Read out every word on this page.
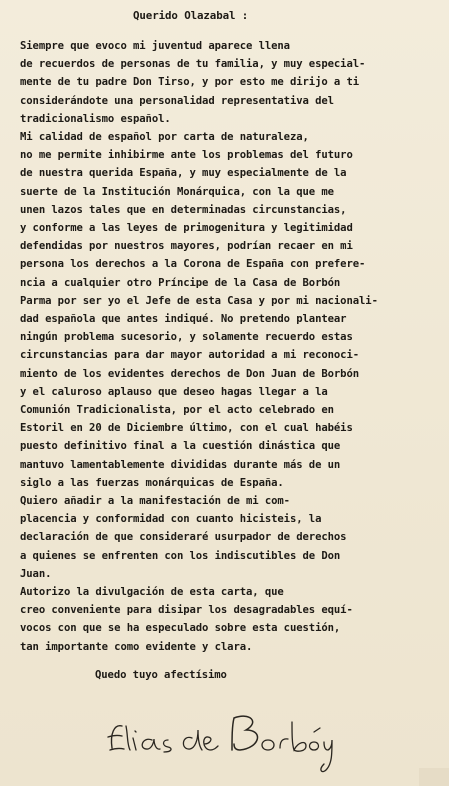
Querido Olazabal :
Siempre que evoco mi juventud aparece llena
de recuerdos de personas de tu familia, y muy especial-
mente de tu padre Don Tirso, y por esto me dirijo a ti
considerándote una personalidad representativa del
tradicionalismo español.
Mi calidad de español por carta de naturaleza,
no me permite inhibirme ante los problemas del futuro
de nuestra querida España, y muy especialmente de la
suerte de la Institución Monárquica, con la que me
unen lazos tales que en determinadas circunstancias,
y conforme a las leyes de primogenitura y legitimidad
defendidas por nuestros mayores, podrían recaer en mi
persona los derechos a la Corona de España con prefere-
ncia a cualquier otro Príncipe de la Casa de Borbón
Parma por ser yo el Jefe de esta Casa y por mi nacionali-
dad española que antes indiqué. No pretendo plantear
ningún problema sucesorio, y solamente recuerdo estas
circunstancias para dar mayor autoridad a mi reconoci-
miento de los evidentes derechos de Don Juan de Borbón
y el caluroso aplauso que deseo hagas llegar a la
Comunión Tradicionalista, por el acto celebrado en
Estoril en 20 de Diciembre último, con el cual habéis
puesto definitivo final a la cuestión dinástica que
mantuvo lamentablemente divididas durante más de un
siglo a las fuerzas monárquicas de España.
Quiero añadir a la manifestación de mi com-
placencia y conformidad con cuanto hicisteis, la
declaración de que consideraré usurpador de derechos
a quienes se enfrenten con los indiscutibles de Don
Juan.
Autorizo la divulgación de esta carta, que
creo conveniente para disipar los desagradables equí-
vocos con que se ha especulado sobre esta cuestión,
tan importante como evidente y clara.
Quedo tuyo afectísimo
